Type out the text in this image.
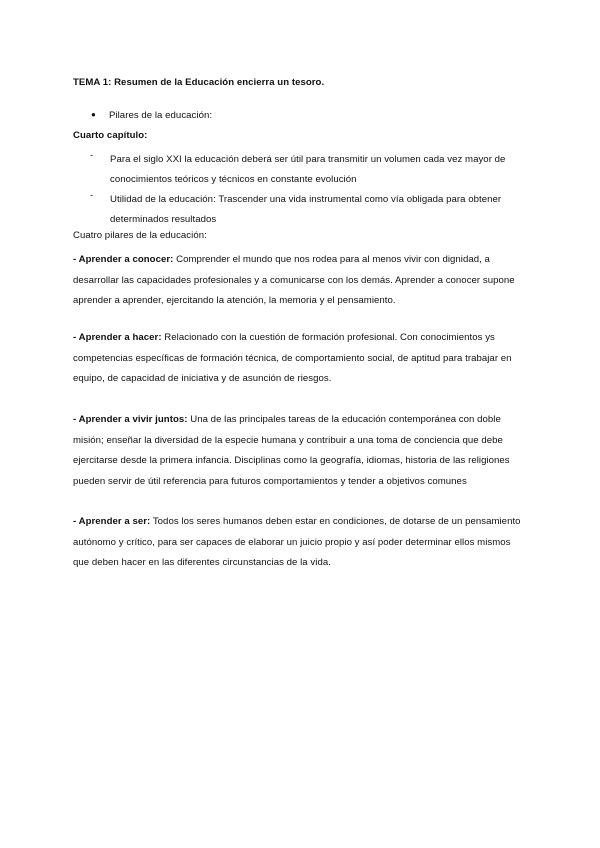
TEMA 1: Resumen de la Educación encierra un tesoro.
● Pilares de la educación:
Cuarto capítulo:
- Para el siglo XXI la educación deberá ser útil para transmitir un volumen cada vez mayor de conocimientos teóricos y técnicos en constante evolución
- Utilidad de la educación: Trascender una vida instrumental como vía obligada para obtener determinados resultados
Cuatro pilares de la educación:
- Aprender a conocer: Comprender el mundo que nos rodea para al menos vivir con dignidad, a desarrollar las capacidades profesionales y a comunicarse con los demás. Aprender a conocer supone aprender a aprender, ejercitando la atención, la memoria y el pensamiento.
- Aprender a hacer: Relacionado con la cuestión de formación profesional. Con conocimientos ys competencias específicas de formación técnica, de comportamiento social, de aptitud para trabajar en equipo, de capacidad de iniciativa y de asunción de riesgos.
- Aprender a vivir juntos: Una de las principales tareas de la educación contemporánea con doble misión; enseñar la diversidad de la especie humana y contribuir a una toma de conciencia que debe ejercitarse desde la primera infancia. Disciplinas como la geografía, idiomas, historia de las religiones pueden servir de útil referencia para futuros comportamientos y tender a objetivos comunes
- Aprender a ser: Todos los seres humanos deben estar en condiciones, de dotarse de un pensamiento autónomo y crítico, para ser capaces de elaborar un juicio propio y así poder determinar ellos mismos que deben hacer en las diferentes circunstancias de la vida.
